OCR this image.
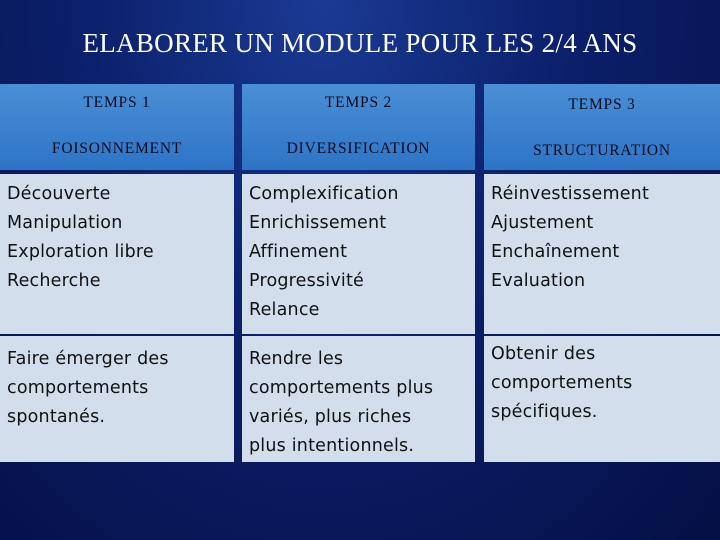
ELABORER UN MODULE POUR LES 2/4 ANS
TEMPS 1
FOISONNEMENT
TEMPS 2
DIVERSIFICATION
TEMPS 3
STRUCTURATION
Découverte
Manipulation
Exploration libre
Recherche
Complexification
Enrichissement
Affinement
Progressivité
Relance
Réinvestissement
Ajustement
Enchaînement
Evaluation
Faire émerger des
comportements
spontanés.
Rendre les
comportements plus
variés, plus riches
plus intentionnels.
Obtenir des
comportements
spécifiques.
